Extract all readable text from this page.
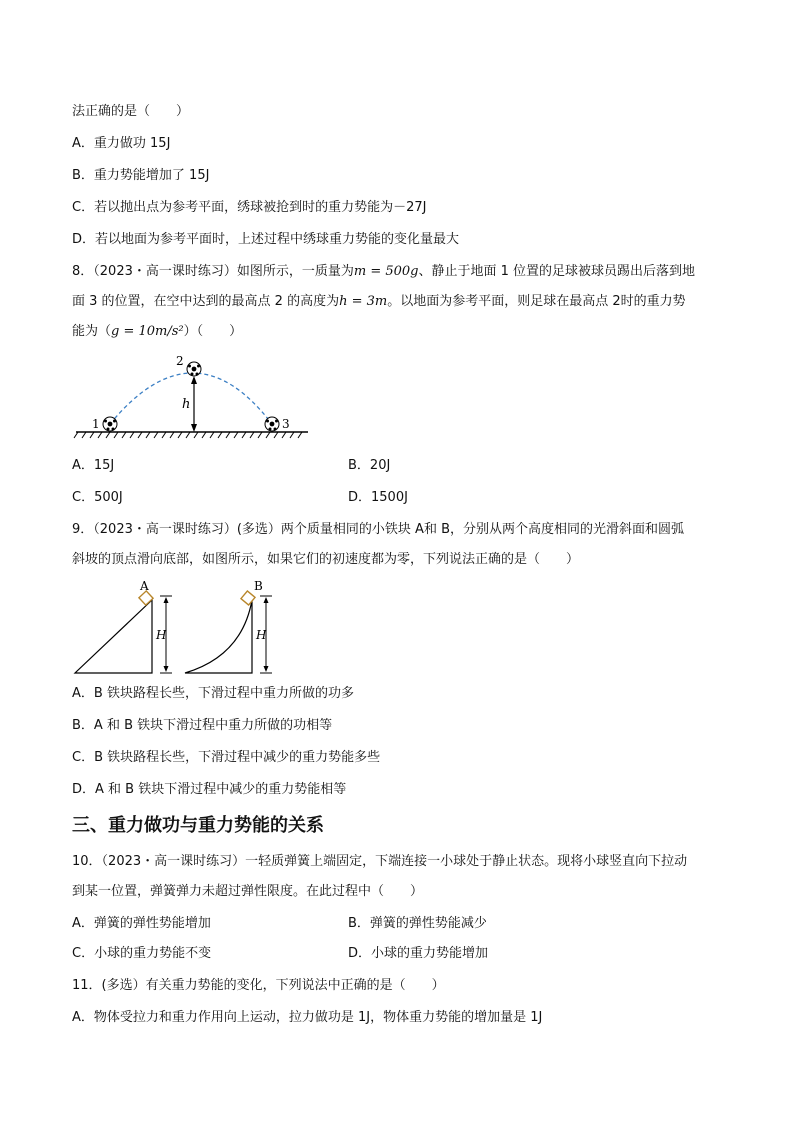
法正确的是（　　）
A．重力做功 15J
B．重力势能增加了 15J
C．若以抛出点为参考平面，绣球被抢到时的重力势能为－27J
D．若以地面为参考平面时，上述过程中绣球重力势能的变化量最大
8．（2023・高一课时练习）如图所示，一质量为m = 500g、静止于地面 1 位置的足球被球员踢出后落到地
面 3 的位置，在空中达到的最高点 2 的高度为h = 3m。以地面为参考平面，则足球在最高点 2时的重力势
能为（g = 10m/s²）（　　）
1
2
3
h
A．15J	B．20J
C．500J	D．1500J
9．（2023・高一课时练习）(多选）两个质量相同的小铁块 A和 B，分别从两个高度相同的光滑斜面和圆弧
斜坡的顶点滑向底部，如图所示，如果它们的初速度都为零，下列说法正确的是（　　）
A
H
B
H
A．B 铁块路程长些，下滑过程中重力所做的功多
B．A 和 B 铁块下滑过程中重力所做的功相等
C．B 铁块路程长些，下滑过程中减少的重力势能多些
D．A 和 B 铁块下滑过程中减少的重力势能相等
三、重力做功与重力势能的关系
10．（2023・高一课时练习）一轻质弹簧上端固定，下端连接一小球处于静止状态。现将小球竖直向下拉动
到某一位置，弹簧弹力未超过弹性限度。在此过程中（　　）
A．弹簧的弹性势能增加	B．弹簧的弹性势能减少
C．小球的重力势能不变	D．小球的重力势能增加
11．(多选）有关重力势能的变化，下列说法中正确的是（　　）
A．物体受拉力和重力作用向上运动，拉力做功是 1J，物体重力势能的增加量是 1J
